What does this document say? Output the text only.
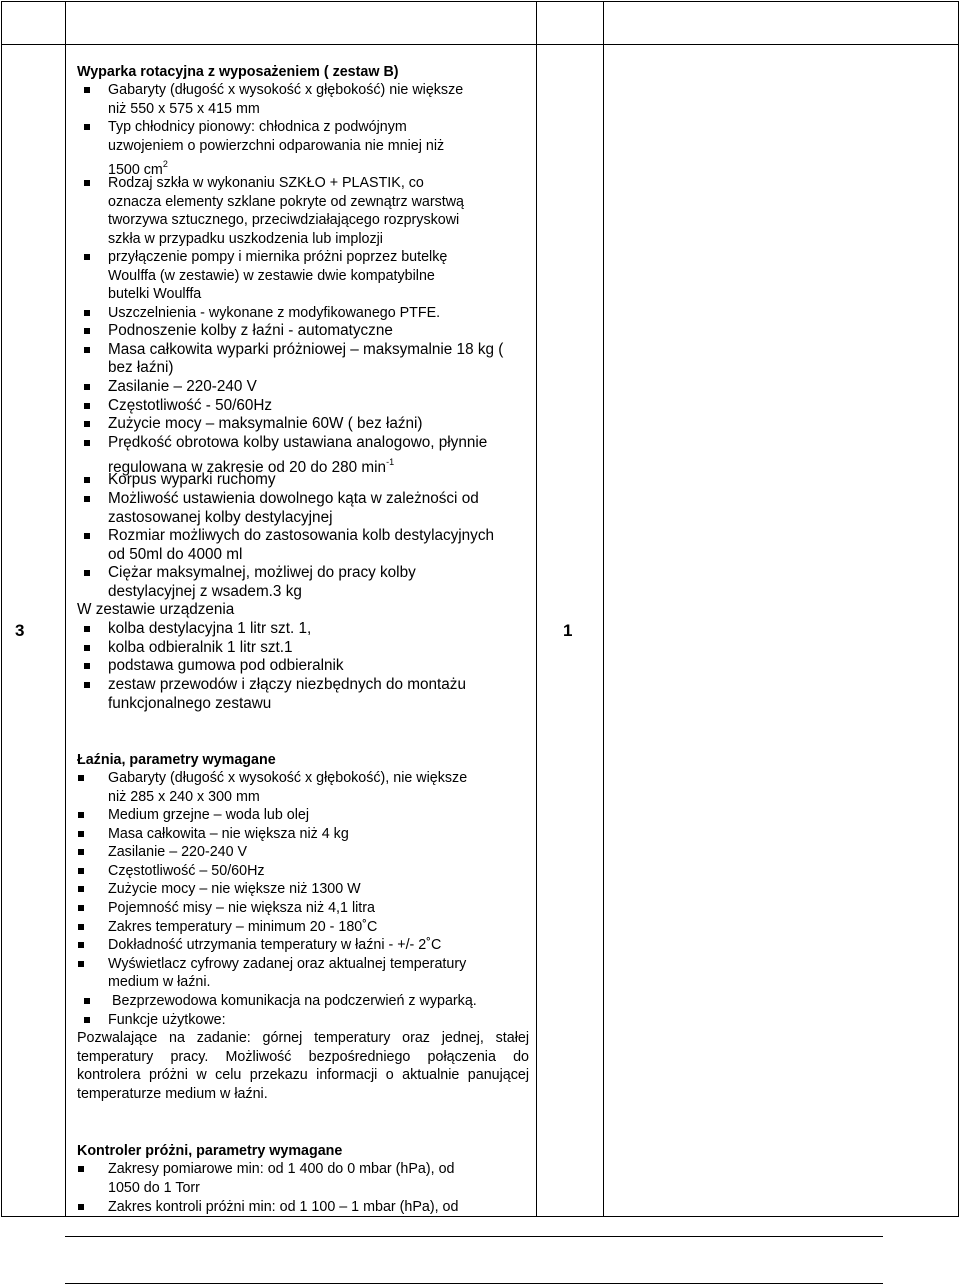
3	1
Wyparka rotacyjna z wyposażeniem ( zestaw B)
Gabaryty (długość x wysokość x głębokość) nie większe
niż 550 x 575 x 415 mm
Typ chłodnicy pionowy: chłodnica z podwójnym
uzwojeniem o powierzchni odparowania nie mniej niż
1500 $cm^2$
Rodzaj szkła w wykonaniu SZKŁO + PLASTIK, co
oznacza elementy szklane pokryte od zewnątrz warstwą
tworzywa sztucznego, przeciwdziałającego rozpryskowi
szkła w przypadku uszkodzenia lub implozji
przyłączenie pompy i miernika próżni poprzez butelkę
Woulffa (w zestawie) w zestawie dwie kompatybilne
butelki Woulffa
Uszczelnienia - wykonane z modyfikowanego PTFE.
Podnoszenie kolby z łaźni - automatyczne
Masa całkowita wyparki próżniowej – maksymalnie 18 kg (
bez łaźni)
Zasilanie – 220-240 V
Częstotliwość - 50/60Hz
Zużycie mocy – maksymalnie 60W ( bez łaźni)
Prędkość obrotowa kolby ustawiana analogowo, płynnie
regulowana w zakresie od 20 do 280 $\min^{-1}$
Korpus wyparki ruchomy
Możliwość ustawienia dowolnego kąta w zależności od
zastosowanej kolby destylacyjnej
Rozmiar możliwych do zastosowania kolb destylacyjnych
od 50ml do 4000 ml
Ciężar maksymalnej, możliwej do pracy kolby
destylacyjnej z wsadem.3 kg
W zestawie urządzenia
kolba destylacyjna 1 litr szt. 1,
kolba odbieralnik 1 litr szt.1
podstawa gumowa pod odbieralnik
zestaw przewodów i złączy niezbędnych do montażu
funkcjonalnego zestawu
Łaźnia, parametry wymagane
Gabaryty (długość x wysokość x głębokość), nie większe
niż 285 x 240 x 300 mm
Medium grzejne – woda lub olej
Masa całkowita – nie większa niż 4 kg
Zasilanie – 220-240 V
Częstotliwość – 50/60Hz
Zużycie mocy – nie większe niż 1300 W
Pojemność misy – nie większa niż 4,1 litra
Zakres temperatury – minimum 20 - 180˚C
Dokładność utrzymania temperatury w łaźni - +/- 2˚C
Wyświetlacz cyfrowy zadanej oraz aktualnej temperatury
medium w łaźni.
Bezprzewodowa komunikacja na podczerwień z wyparką.
Funkcje użytkowe:
Pozwalające na zadanie: górnej temperatury oraz jednej, stałej temperatury pracy. Możliwość bezpośredniego połączenia do kontrolera próżni w celu przekazu informacji o aktualnie panującej temperaturze medium w łaźni.
Kontroler próżni, parametry wymagane
Zakresy pomiarowe min: od 1 400 do 0 mbar (hPa), od
1050 do 1 Torr
Zakres kontroli próżni min: od 1 100 – 1 mbar (hPa), od
